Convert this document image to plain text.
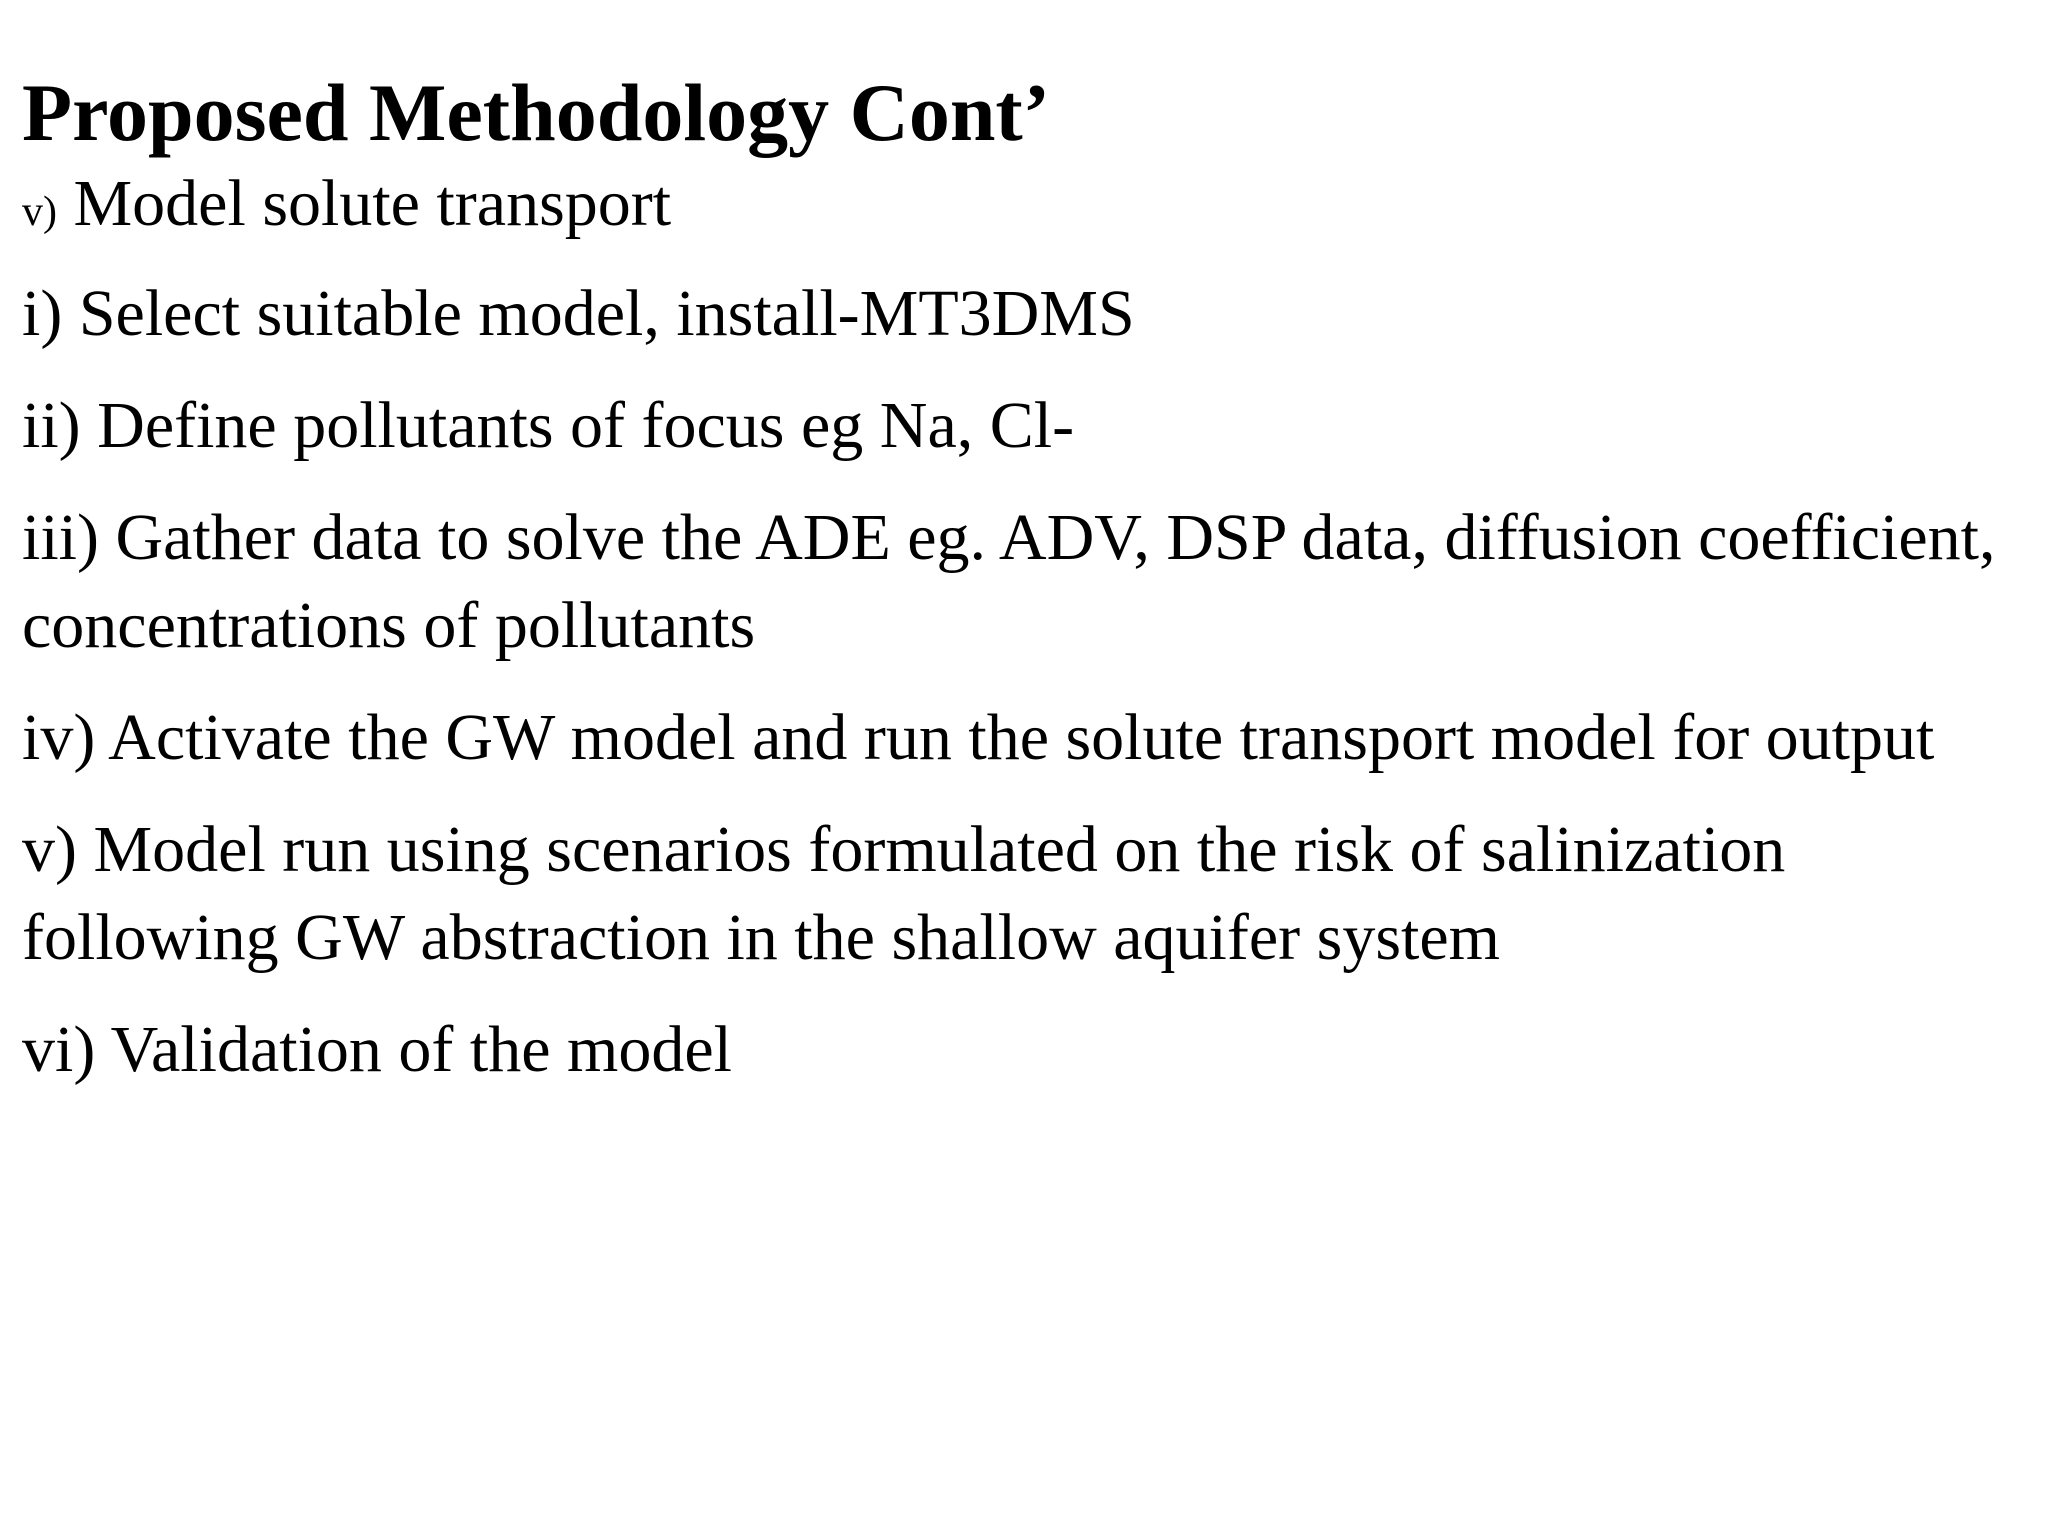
Proposed Methodology Cont’

v) Model solute transport

i) Select suitable model, install-MT3DMS

ii) Define pollutants of focus eg Na, Cl-

iii) Gather data to solve the ADE eg. ADV, DSP data, diffusion coefficient, concentrations of pollutants

iv) Activate the GW model and run the solute transport model for output

v) Model run using scenarios formulated on the risk of salinization following GW abstraction in the shallow aquifer system

vi) Validation of the model
